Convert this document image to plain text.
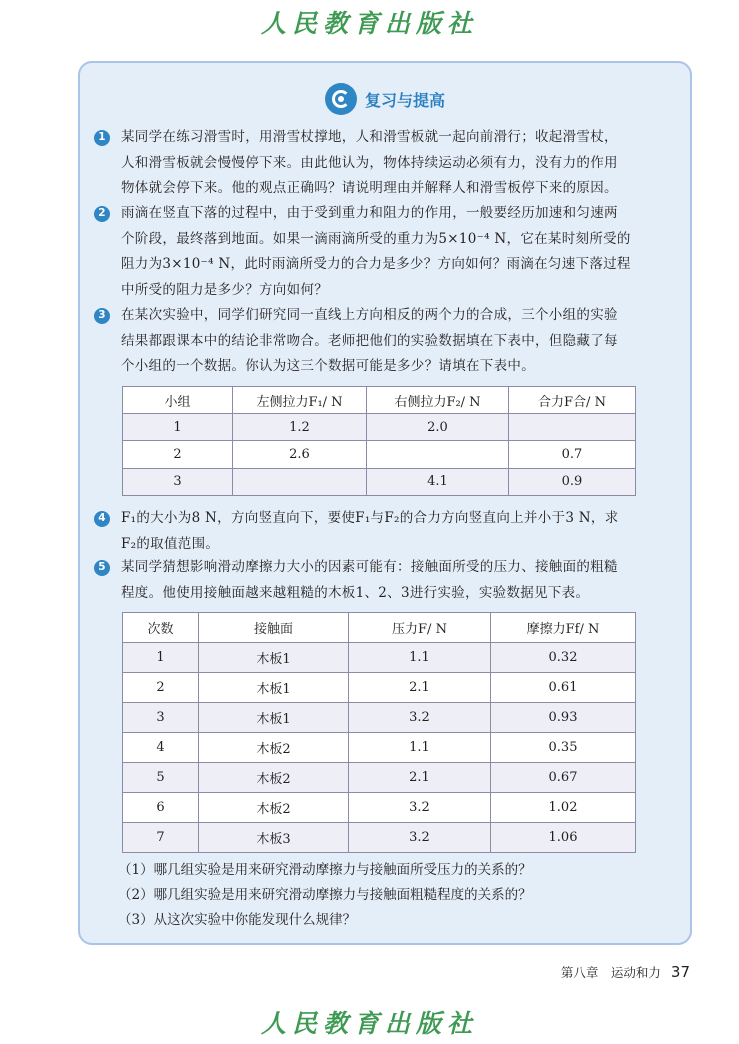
人民教育出版社
复习与提高
1	某同学在练习滑雪时，用滑雪杖撑地，人和滑雪板就一起向前滑行；收起滑雪杖，
人和滑雪板就会慢慢停下来。由此他认为，物体持续运动必须有力，没有力的作用
物体就会停下来。他的观点正确吗？请说明理由并解释人和滑雪板停下来的原因。
2	雨滴在竖直下落的过程中，由于受到重力和阻力的作用，一般要经历加速和匀速两
个阶段，最终落到地面。如果一滴雨滴所受的重力为5×10⁻⁴ N，它在某时刻所受的
阻力为3×10⁻⁴ N，此时雨滴所受力的合力是多少？方向如何？雨滴在匀速下落过程
中所受的阻力是多少？方向如何？
3	在某次实验中，同学们研究同一直线上方向相反的两个力的合成，三个小组的实验
结果都跟课本中的结论非常吻合。老师把他们的实验数据填在下表中，但隐藏了每
个小组的一个数据。你认为这三个数据可能是多少？请填在下表中。
小组	左侧拉力F₁/ N	右侧拉力F₂/ N	合力F合/ N
1	1.2	2.0	
2	2.6		0.7
3		4.1	0.9
4	F₁的大小为8 N，方向竖直向下，要使F₁与F₂的合力方向竖直向上并小于3 N，求
F₂的取值范围。
5	某同学猜想影响滑动摩擦力大小的因素可能有：接触面所受的压力、接触面的粗糙
程度。他使用接触面越来越粗糙的木板1、2、3进行实验，实验数据见下表。
次数	接触面	压力F/ N	摩擦力Ff/ N
1	木板1	1.1	0.32
2	木板1	2.1	0.61
3	木板1	3.2	0.93
4	木板2	1.1	0.35
5	木板2	2.1	0.67
6	木板2	3.2	1.02
7	木板3	3.2	1.06
（1）哪几组实验是用来研究滑动摩擦力与接触面所受压力的关系的？
（2）哪几组实验是用来研究滑动摩擦力与接触面粗糙程度的关系的？
（3）从这次实验中你能发现什么规律？
第八章　运动和力 37
人民教育出版社
